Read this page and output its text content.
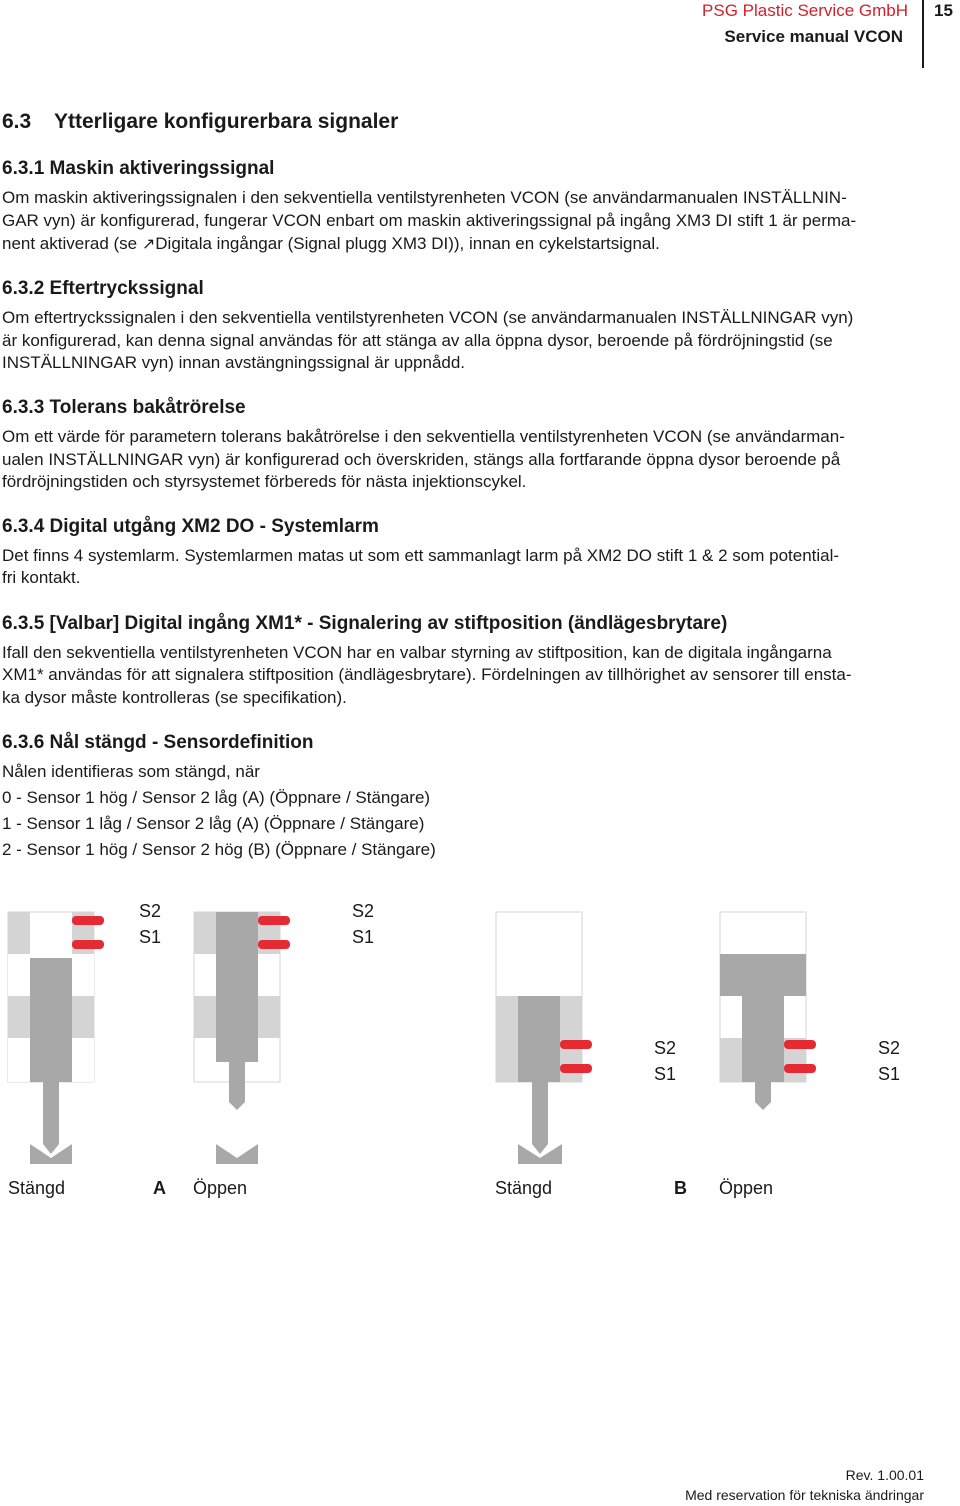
PSG Plastic Service GmbH
Service manual VCON
15
6.3 Ytterligare konfigurerbara signaler
6.3.1 Maskin aktiveringssignal

Om maskin aktiveringssignalen i den sekventiella ventilstyrenheten VCON (se användarmanualen INSTÄLLNIN-

GAR vyn) är konfigurerad, fungerar VCON enbart om maskin aktiveringssignal på ingång XM3 DI stift 1 är perma-

nent aktiverad (se ↗Digitala ingångar (Signal plugg XM3 DI)), innan en cykelstartsignal.

6.3.2 Eftertryckssignal

Om eftertryckssignalen i den sekventiella ventilstyrenheten VCON (se användarmanualen INSTÄLLNINGAR vyn)

är konfigurerad, kan denna signal användas för att stänga av alla öppna dysor, beroende på fördröjningstid (se

INSTÄLLNINGAR vyn) innan avstängningssignal är uppnådd.

6.3.3 Tolerans bakåtrörelse

Om ett värde för parametern tolerans bakåtrörelse i den sekventiella ventilstyrenheten VCON (se användarman-

ualen INSTÄLLNINGAR vyn) är konfigurerad och överskriden, stängs alla fortfarande öppna dysor beroende på

fördröjningstiden och styrsystemet förbereds för nästa injektionscykel.

6.3.4 Digital utgång XM2 DO - Systemlarm

Det finns 4 systemlarm. Systemlarmen matas ut som ett sammanlagt larm på XM2 DO stift 1 & 2 som potential-

fri kontakt.

6.3.5 [Valbar] Digital ingång XM1* - Signalering av stiftposition (ändlägesbrytare)

Ifall den sekventiella ventilstyrenheten VCON har en valbar styrning av stiftposition, kan de digitala ingångarna

XM1* användas för att signalera stiftposition (ändlägesbrytare). Fördelningen av tillhörighet av sensorer till ensta-

ka dysor måste kontrolleras (se specifikation).

6.3.6 Nål stängd - Sensordefinition

Nålen identifieras som stängd, när

0 - Sensor 1 hög / Sensor 2 låg (A) (Öppnare / Stängare)

1 - Sensor 1 låg / Sensor 2 låg (A) (Öppnare / Stängare)

2 - Sensor 1 hög / Sensor 2 hög (B) (Öppnare / Stängare)

S2
S1
S2
S1
S2
S1
S2
S1
Stängd	A Öppen	Stängd	B Öppen
Rev. 1.00.01
Med reservation för tekniska ändringar
